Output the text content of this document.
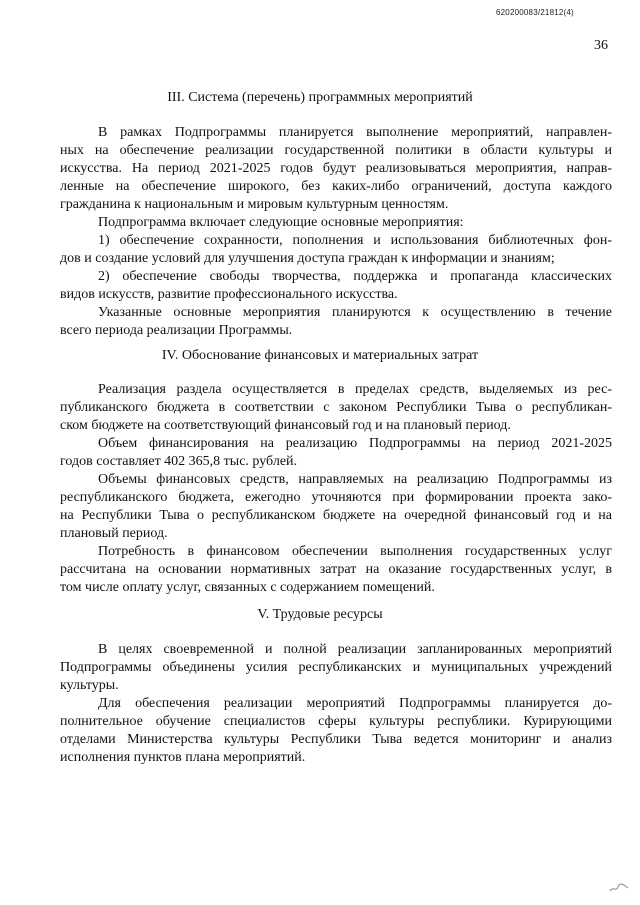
620200083/21812(4)
36
III. Система (перечень) программных мероприятий
В рамках Подпрограммы планируется выполнение мероприятий, направлен-
ных на обеспечение реализации государственной политики в области культуры и
искусства. На период 2021-2025 годов будут реализовываться мероприятия, направ-
ленные на обеспечение широкого, без каких-либо ограничений, доступа каждого
гражданина к национальным и мировым культурным ценностям.
Подпрограмма включает следующие основные мероприятия:
1) обеспечение сохранности, пополнения и использования библиотечных фон-
дов и создание условий для улучшения доступа граждан к информации и знаниям;
2) обеспечение свободы творчества, поддержка и пропаганда классических
видов искусств, развитие профессионального искусства.
Указанные основные мероприятия планируются к осуществлению в течение
всего периода реализации Программы.
IV. Обоснование финансовых и материальных затрат
Реализация раздела осуществляется в пределах средств, выделяемых из рес-
публиканского бюджета в соответствии с законом Республики Тыва о республикан-
ском бюджете на соответствующий финансовый год и на плановый период.
Объем финансирования на реализацию Подпрограммы на период 2021-2025
годов составляет 402 365,8 тыс. рублей.
Объемы финансовых средств, направляемых на реализацию Подпрограммы из
республиканского бюджета, ежегодно уточняются при формировании проекта зако-
на Республики Тыва о республиканском бюджете на очередной финансовый год и на
плановый период.
Потребность в финансовом обеспечении выполнения государственных услуг
рассчитана на основании нормативных затрат на оказание государственных услуг, в
том числе оплату услуг, связанных с содержанием помещений.
V. Трудовые ресурсы
В целях своевременной и полной реализации запланированных мероприятий
Подпрограммы объединены усилия республиканских и муниципальных учреждений
культуры.
Для обеспечения реализации мероприятий Подпрограммы планируется до-
полнительное обучение специалистов сферы культуры республики. Курирующими
отделами Министерства культуры Республики Тыва ведется мониторинг и анализ
исполнения пунктов плана мероприятий.
